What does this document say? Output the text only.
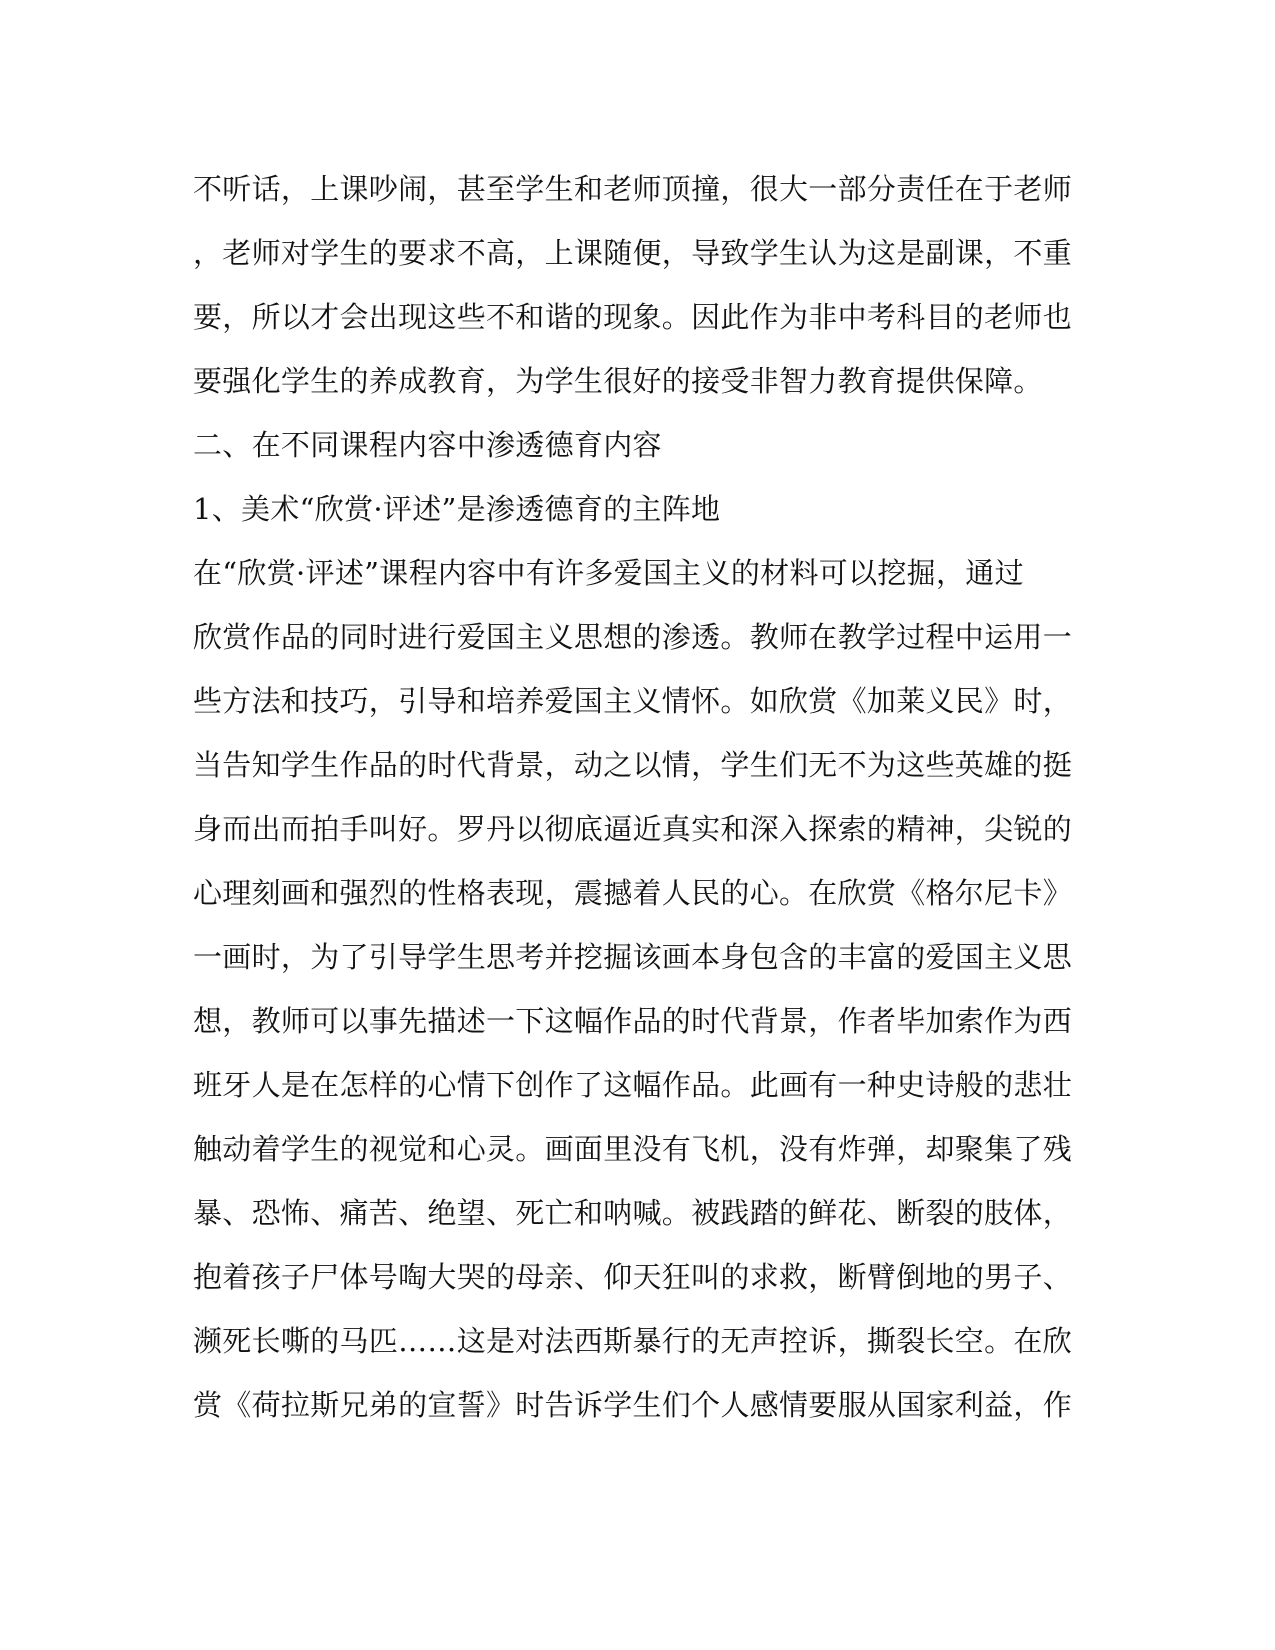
不听话，上课吵闹，甚至学生和老师顶撞，很大一部分责任在于老师
，老师对学生的要求不高，上课随便，导致学生认为这是副课，不重
要，所以才会出现这些不和谐的现象。因此作为非中考科目的老师也
要强化学生的养成教育，为学生很好的接受非智力教育提供保障。
二、在不同课程内容中渗透德育内容
1、美术“欣赏·评述”是渗透德育的主阵地
在“欣赏·评述”课程内容中有许多爱国主义的材料可以挖掘，通过
欣赏作品的同时进行爱国主义思想的渗透。教师在教学过程中运用一
些方法和技巧，引导和培养爱国主义情怀。如欣赏《加莱义民》时，
当告知学生作品的时代背景，动之以情，学生们无不为这些英雄的挺
身而出而拍手叫好。罗丹以彻底逼近真实和深入探索的精神，尖锐的
心理刻画和强烈的性格表现，震撼着人民的心。在欣赏《格尔尼卡》
一画时，为了引导学生思考并挖掘该画本身包含的丰富的爱国主义思
想，教师可以事先描述一下这幅作品的时代背景，作者毕加索作为西
班牙人是在怎样的心情下创作了这幅作品。此画有一种史诗般的悲壮
触动着学生的视觉和心灵。画面里没有飞机，没有炸弹，却聚集了残
暴、恐怖、痛苦、绝望、死亡和呐喊。被践踏的鲜花、断裂的肢体，
抱着孩子尸体号啕大哭的母亲、仰天狂叫的求救，断臂倒地的男子、
濒死长嘶的马匹……这是对法西斯暴行的无声控诉，撕裂长空。在欣
赏《荷拉斯兄弟的宣誓》时告诉学生们个人感情要服从国家利益，作
